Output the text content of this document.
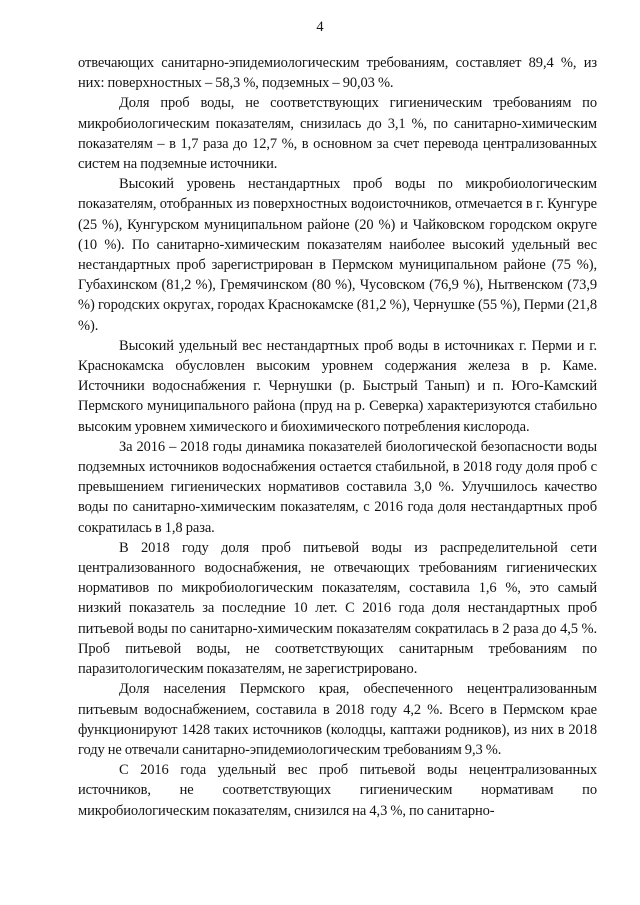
4

отвечающих санитарно-эпидемиологическим требованиям, составляет 89,4 %, из них: поверхностных – 58,3 %, подземных – 90,03 %.

Доля проб воды, не соответствующих гигиеническим требованиям по микробиологическим показателям, снизилась до 3,1 %, по санитарно-химическим показателям – в 1,7 раза до 12,7 %, в основном за счет перевода централизованных систем на подземные источники.

Высокий уровень нестандартных проб воды по микробиологическим показателям, отобранных из поверхностных водоисточников, отмечается в г. Кунгуре (25 %), Кунгурском муниципальном районе (20 %) и Чайковском городском округе (10 %). По санитарно-химическим показателям наиболее высокий удельный вес нестандартных проб зарегистрирован в Пермском муниципальном районе (75 %), Губахинском (81,2 %), Гремячинском (80 %), Чусовском (76,9 %), Нытвенском (73,9 %) городских округах, городах Краснокамске (81,2 %), Чернушке (55 %), Перми (21,8 %).

Высокий удельный вес нестандартных проб воды в источниках г. Перми и г. Краснокамска обусловлен высоким уровнем содержания железа в р. Каме. Источники водоснабжения г. Чернушки (р. Быстрый Танып) и п. Юго-Камский Пермского муниципального района (пруд на р. Северка) характеризуются стабильно высоким уровнем химического и биохимического потребления кислорода.

За 2016 – 2018 годы динамика показателей биологической безопасности воды подземных источников водоснабжения остается стабильной, в 2018 году доля проб с превышением гигиенических нормативов составила 3,0 %. Улучшилось качество воды по санитарно-химическим показателям, с 2016 года доля нестандартных проб сократилась в 1,8 раза.

В 2018 году доля проб питьевой воды из распределительной сети централизованного водоснабжения, не отвечающих требованиям гигиенических нормативов по микробиологическим показателям, составила 1,6 %, это самый низкий показатель за последние 10 лет. С 2016 года доля нестандартных проб питьевой воды по санитарно-химическим показателям сократилась в 2 раза до 4,5 %. Проб питьевой воды, не соответствующих санитарным требованиям по паразитологическим показателям, не зарегистрировано.

Доля населения Пермского края, обеспеченного нецентрализованным питьевым водоснабжением, составила в 2018 году 4,2 %. Всего в Пермском крае функционируют 1428 таких источников (колодцы, каптажи родников), из них в 2018 году не отвечали санитарно-эпидемиологическим требованиям 9,3 %.

С 2016 года удельный вес проб питьевой воды нецентрализованных источников, не соответствующих гигиеническим нормативам по микробиологическим показателям, снизился на 4,3 %, по санитарно-
